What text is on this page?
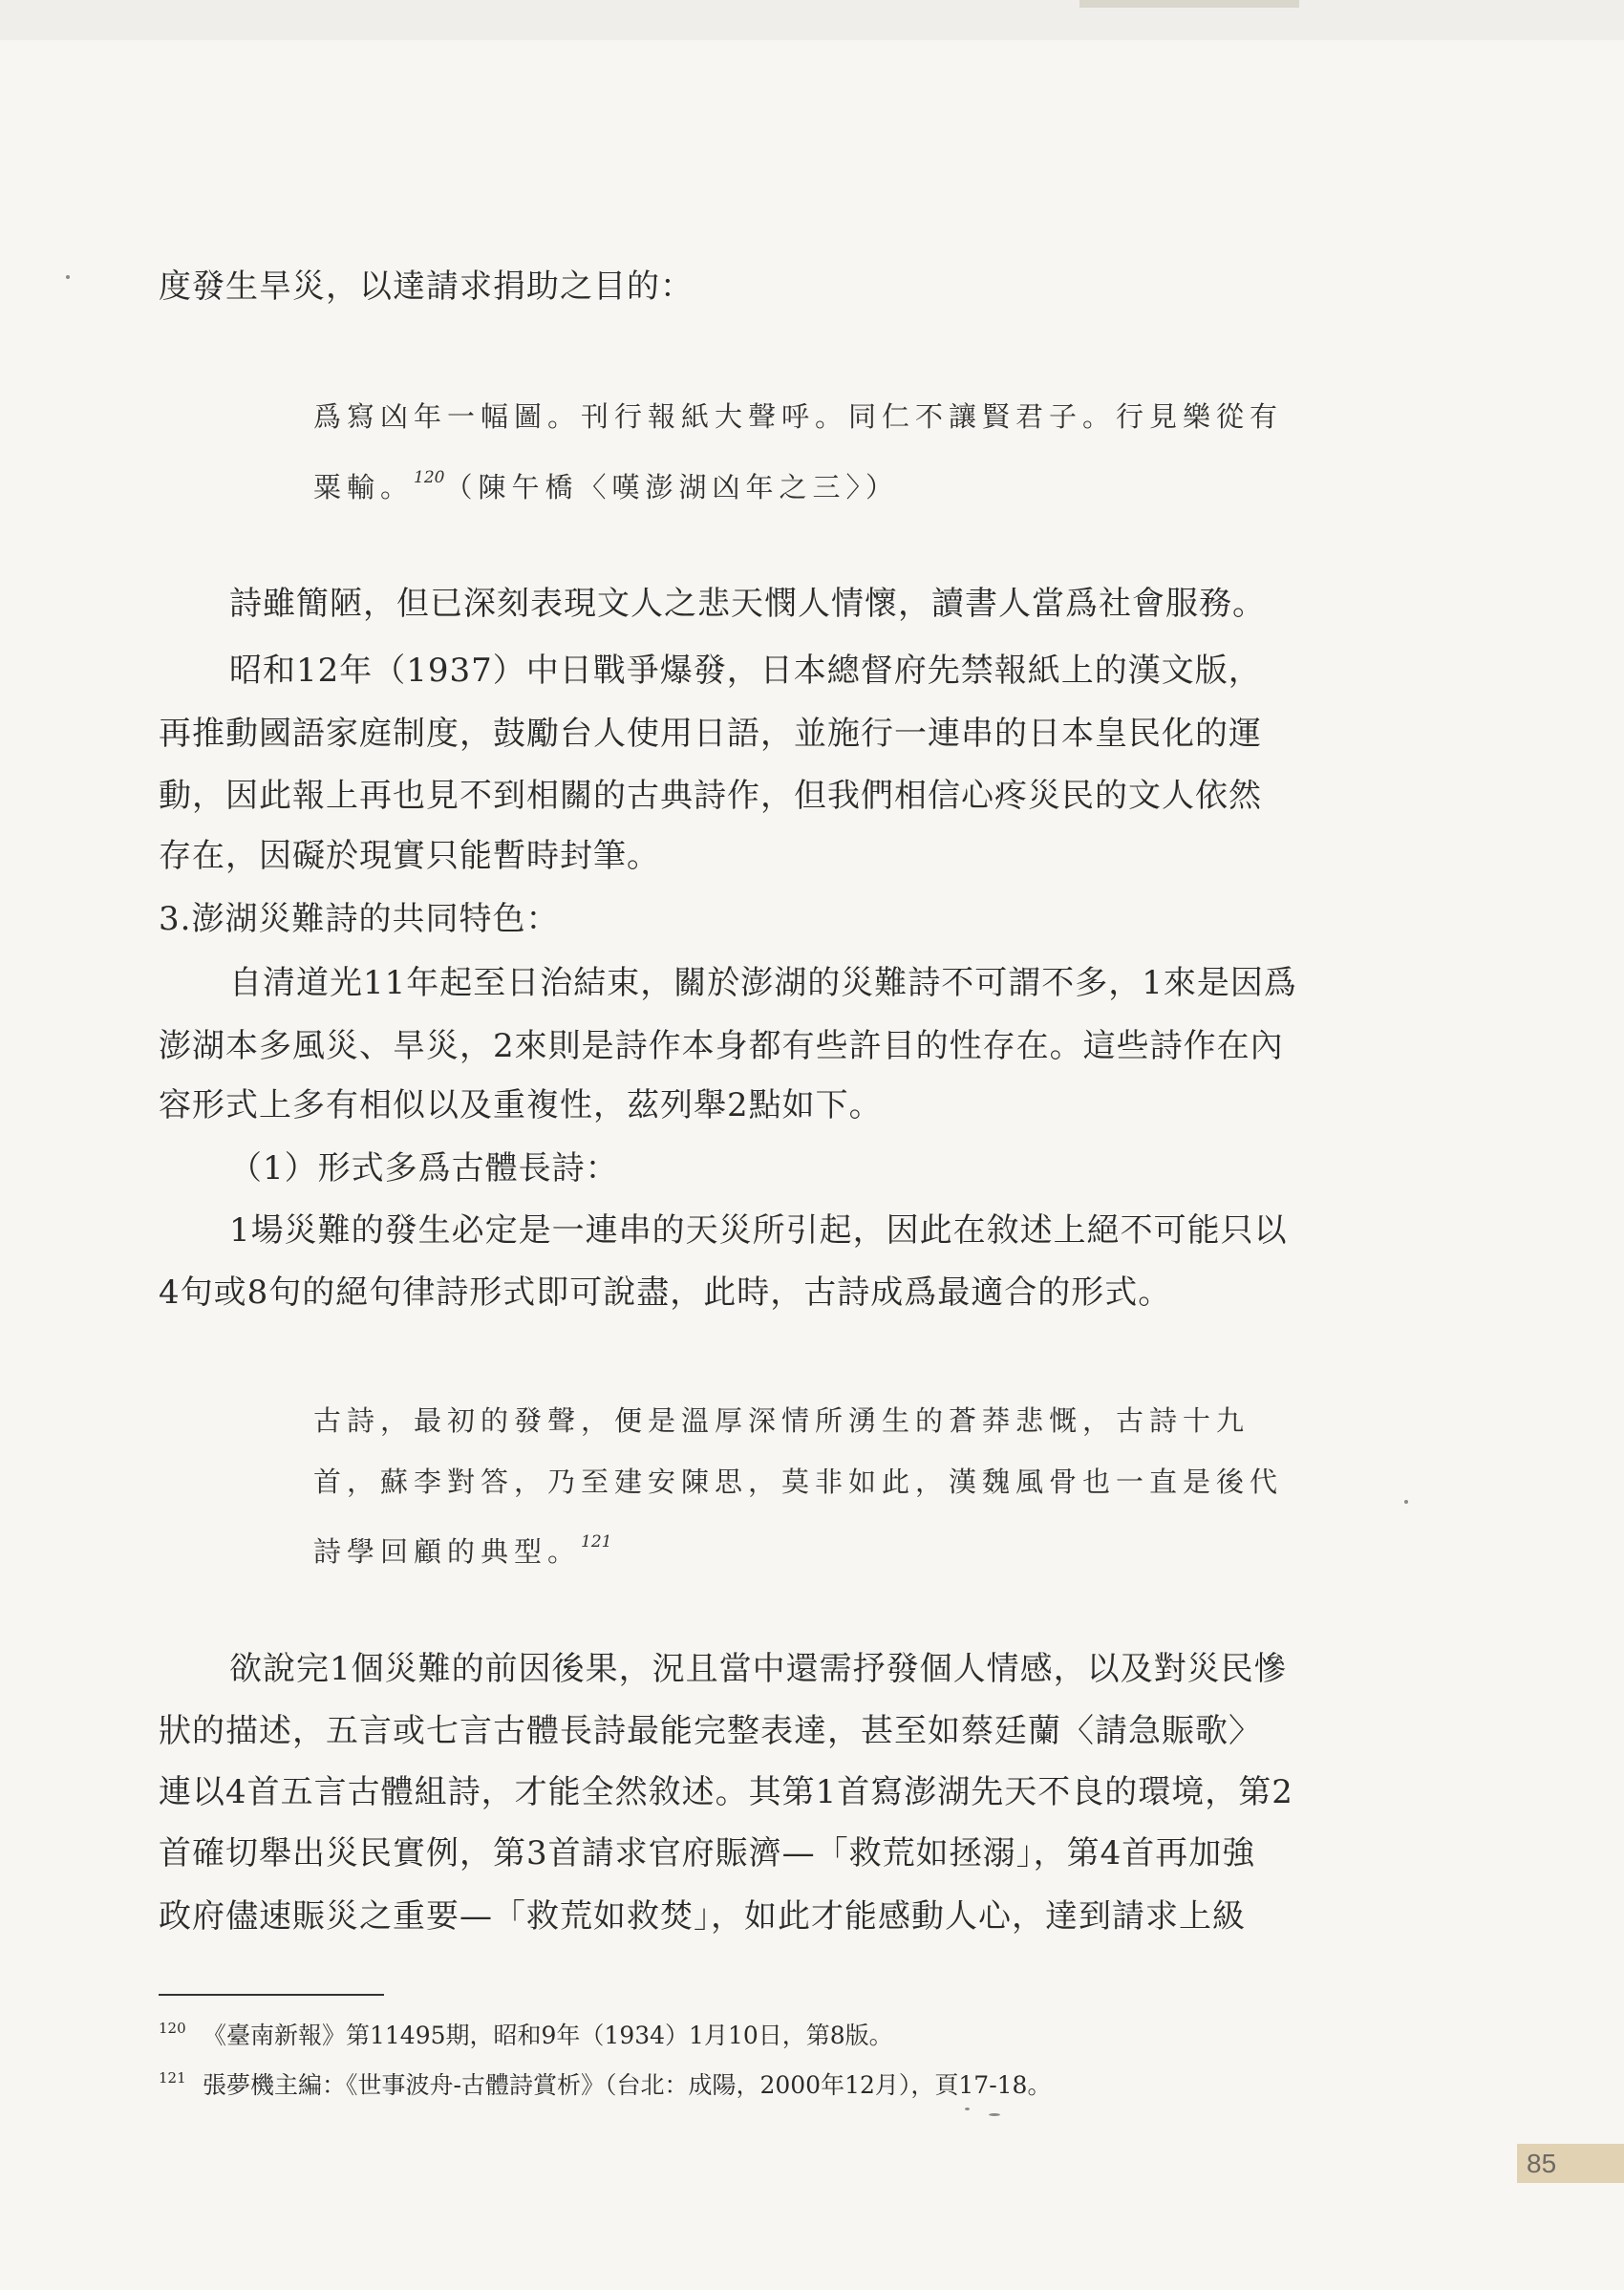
度發生旱災，以達請求捐助之目的：
爲寫凶年一幅圖。刊行報紙大聲呼。同仁不讓賢君子。行見樂從有
粟輸。$^{120}$（陳午橋〈嘆澎湖凶年之三〉）
詩雖簡陋，但已深刻表現文人之悲天憫人情懷，讀書人當爲社會服務。
昭和12年（1937）中日戰爭爆發，日本總督府先禁報紙上的漢文版，
再推動國語家庭制度，鼓勵台人使用日語，並施行一連串的日本皇民化的運
動，因此報上再也見不到相關的古典詩作，但我們相信心疼災民的文人依然
存在，因礙於現實只能暫時封筆。
3.澎湖災難詩的共同特色：
自清道光11年起至日治結束，關於澎湖的災難詩不可謂不多，1來是因爲
澎湖本多風災、旱災，2來則是詩作本身都有些許目的性存在。這些詩作在內
容形式上多有相似以及重複性，茲列舉2點如下。
（1）形式多爲古體長詩：
1場災難的發生必定是一連串的天災所引起，因此在敘述上絕不可能只以
4句或8句的絕句律詩形式即可說盡，此時，古詩成爲最適合的形式。
古詩，最初的發聲，便是溫厚深情所湧生的蒼莽悲慨，古詩十九
首，蘇李對答，乃至建安陳思，莫非如此，漢魏風骨也一直是後代
詩學回顧的典型。$^{121}$
欲說完1個災難的前因後果，況且當中還需抒發個人情感，以及對災民慘
狀的描述，五言或七言古體長詩最能完整表達，甚至如蔡廷蘭〈請急賑歌〉
連以4首五言古體組詩，才能全然敘述。其第1首寫澎湖先天不良的環境，第2
首確切舉出災民實例，第3首請求官府賑濟—「救荒如拯溺」，第4首再加強
政府儘速賑災之重要—「救荒如救焚」，如此才能感動人心，達到請求上級
120 《臺南新報》第11495期，昭和9年（1934）1月10日，第8版。
121 張夢機主編：《世事波舟-古體詩賞析》（台北：成陽，2000年12月），頁17-18。
85
